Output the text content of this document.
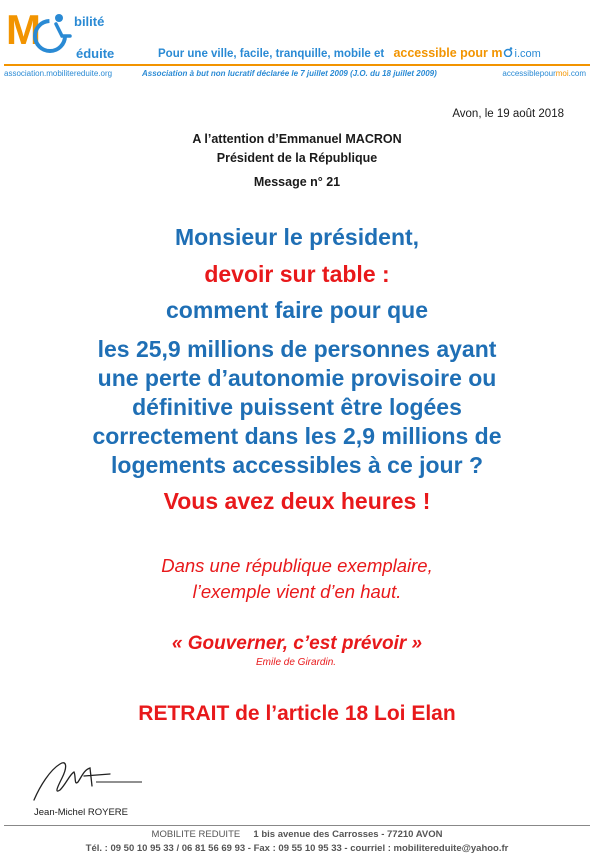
M	bilité
éduite	Pour une ville, facile, tranquille, mobile et accessible pour m i.com
association.mobilitereduite.org	Association à but non lucratif déclarée le 7 juillet 2009 (J.O. du 18 juillet 2009)	accessiblepourmoi.com
Avon, le 19 août 2018
A l’attention d’Emmanuel MACRON
Président de la République
Message n° 21
Monsieur le président,
devoir sur table :
comment faire pour que
les 25,9 millions de personnes ayant
une perte d’autonomie provisoire ou
définitive puissent être logées
correctement dans les 2,9 millions de
logements accessibles à ce jour ?
Vous avez deux heures !
Dans une république exemplaire,
l’exemple vient d’en haut.
« Gouverner, c’est prévoir »
Emile de Girardin.
RETRAIT de l’article 18 Loi Elan
Jean-Michel ROYERE
MOBILITE REDUITE 1 bis avenue des Carrosses - 77210 AVON
Tél. : 09 50 10 95 33 / 06 81 56 69 93 - Fax : 09 55 10 95 33 - courriel : mobilitereduite@yahoo.fr
